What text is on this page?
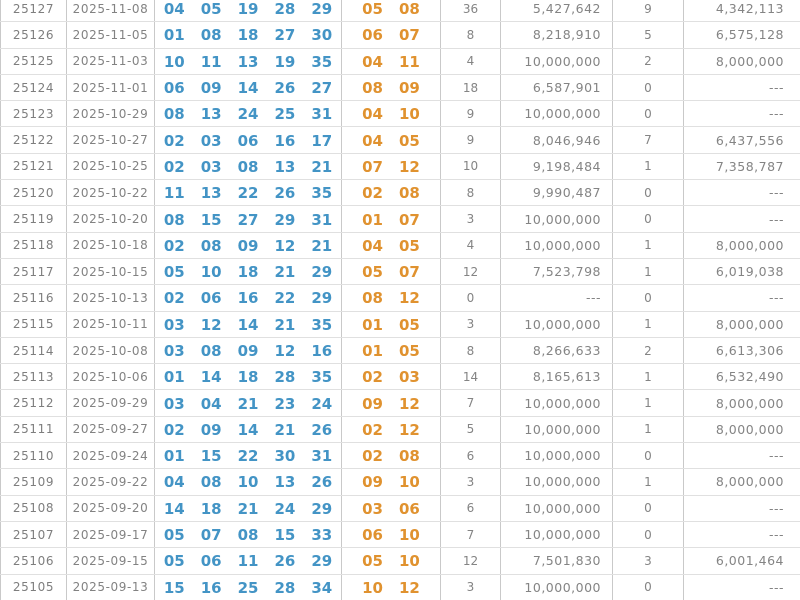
25127	2025-11-08	04 05 19 28 29	05 08	36	5,427,642	9	4,342,113
25126	2025-11-05	01 08 18 27 30	06 07	8	8,218,910	5	6,575,128
25125	2025-11-03	10 11 13 19 35	04 11	4	10,000,000	2	8,000,000
25124	2025-11-01	06 09 14 26 27	08 09	18	6,587,901	0	---
25123	2025-10-29	08 13 24 25 31	04 10	9	10,000,000	0	---
25122	2025-10-27	02 03 06 16 17	04 05	9	8,046,946	7	6,437,556
25121	2025-10-25	02 03 08 13 21	07 12	10	9,198,484	1	7,358,787
25120	2025-10-22	11 13 22 26 35	02 08	8	9,990,487	0	---
25119	2025-10-20	08 15 27 29 31	01 07	3	10,000,000	0	---
25118	2025-10-18	02 08 09 12 21	04 05	4	10,000,000	1	8,000,000
25117	2025-10-15	05 10 18 21 29	05 07	12	7,523,798	1	6,019,038
25116	2025-10-13	02 06 16 22 29	08 12	0	---	0	---
25115	2025-10-11	03 12 14 21 35	01 05	3	10,000,000	1	8,000,000
25114	2025-10-08	03 08 09 12 16	01 05	8	8,266,633	2	6,613,306
25113	2025-10-06	01 14 18 28 35	02 03	14	8,165,613	1	6,532,490
25112	2025-09-29	03 04 21 23 24	09 12	7	10,000,000	1	8,000,000
25111	2025-09-27	02 09 14 21 26	02 12	5	10,000,000	1	8,000,000
25110	2025-09-24	01 15 22 30 31	02 08	6	10,000,000	0	---
25109	2025-09-22	04 08 10 13 26	09 10	3	10,000,000	1	8,000,000
25108	2025-09-20	14 18 21 24 29	03 06	6	10,000,000	0	---
25107	2025-09-17	05 07 08 15 33	06 10	7	10,000,000	0	---
25106	2025-09-15	05 06 11 26 29	05 10	12	7,501,830	3	6,001,464
25105	2025-09-13	15 16 25 28 34	10 12	3	10,000,000	0	---
